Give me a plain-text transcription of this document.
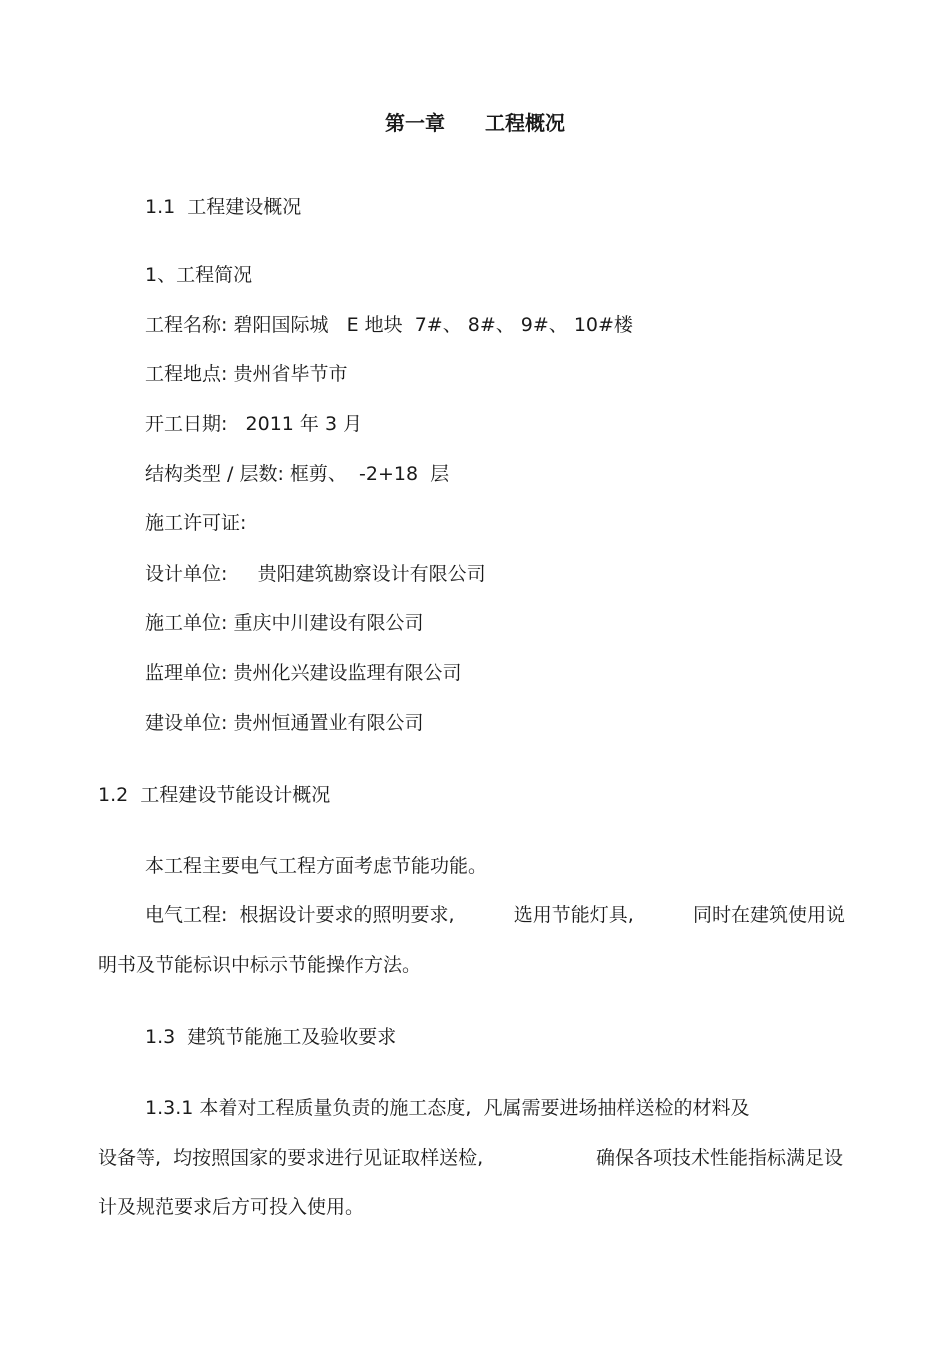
第一章 工程概况
1.1  工程建设概况
1、工程简况
工程名称: 碧阳国际城   E 地块  7#、 8#、 9#、 10#楼
工程地点: 贵州省毕节市
开工日期:   2011 年 3 月
结构类型 / 层数: 框剪、  -2+18  层
施工许可证:
设计单位:     贵阳建筑勘察设计有限公司
施工单位: 重庆中川建设有限公司
监理单位: 贵州化兴建设监理有限公司
建设单位: 贵州恒通置业有限公司
1.2  工程建设节能设计概况
本工程主要电气工程方面考虑节能功能。
电气工程:  根据设计要求的照明要求,	选用节能灯具,	同时在建筑使用说
明书及节能标识中标示节能操作方法。
1.3  建筑节能施工及验收要求
1.3.1 本着对工程质量负责的施工态度,  凡属需要进场抽样送检的材料及
设备等,  均按照国家的要求进行见证取样送检,	确保各项技术性能指标满足设
计及规范要求后方可投入使用。
